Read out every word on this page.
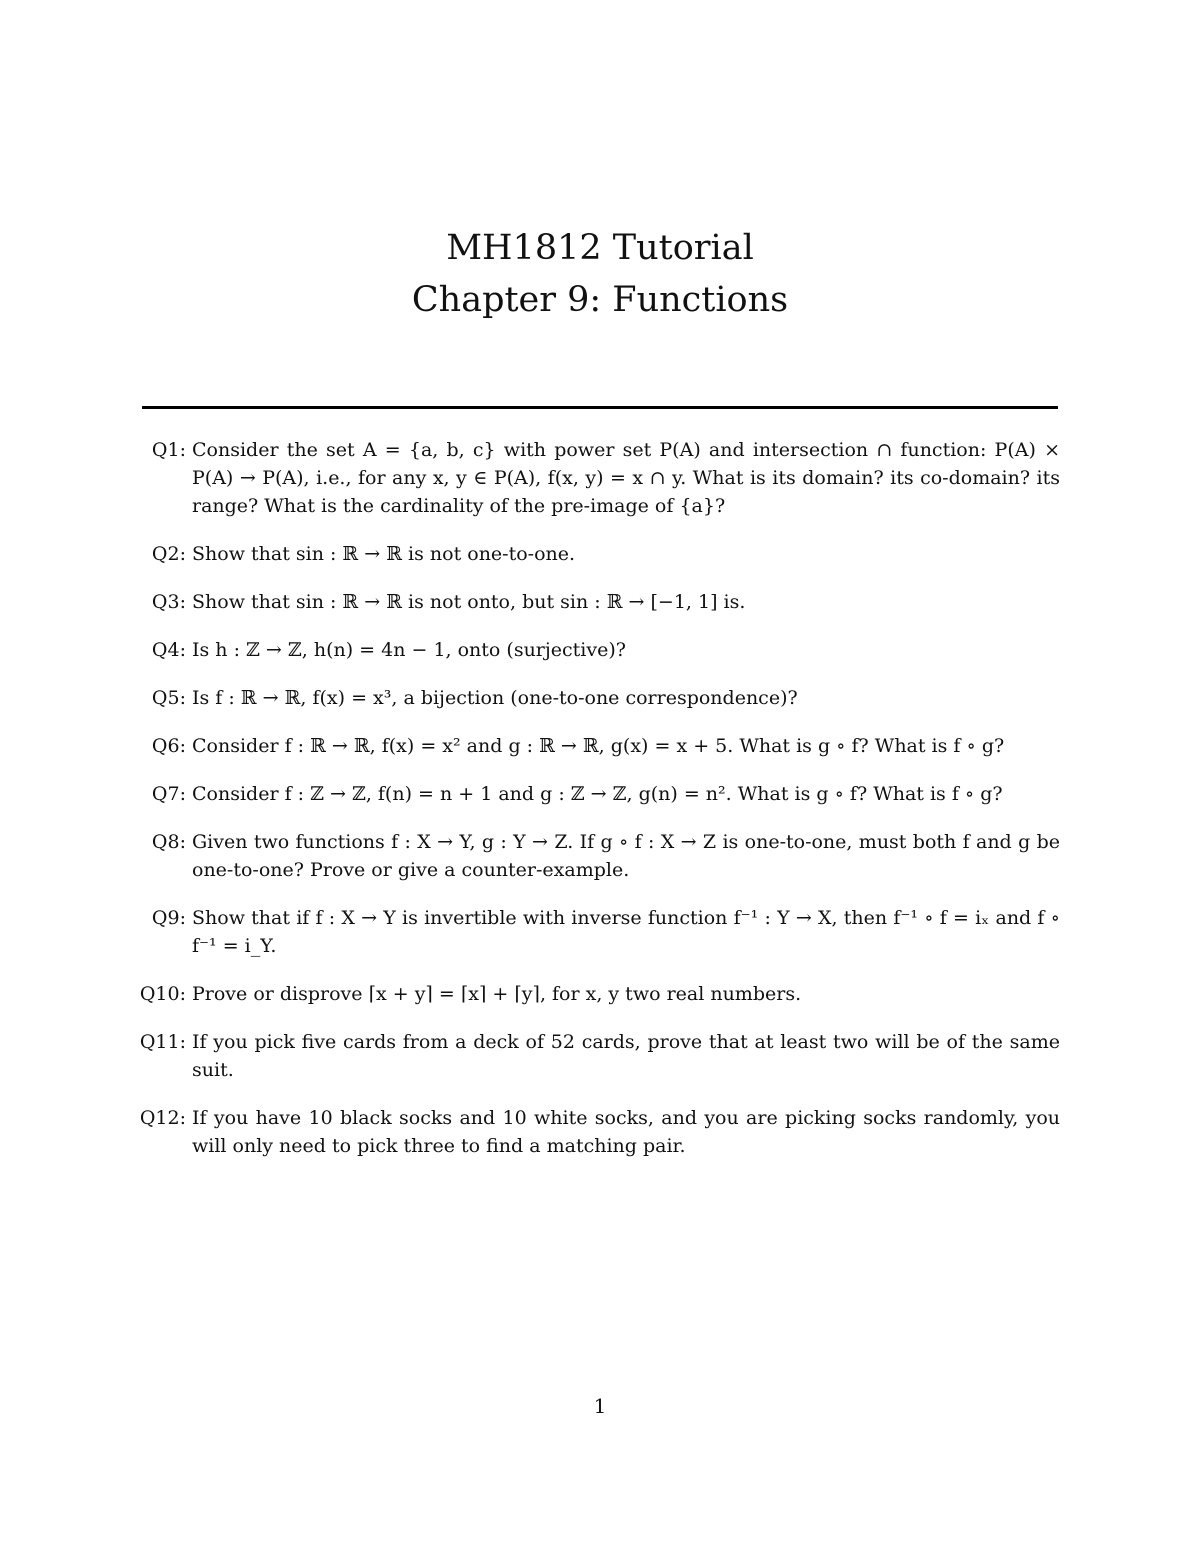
MH1812 Tutorial
Chapter 9: Functions
Q1: Consider the set A = {a, b, c} with power set P(A) and intersection ∩ function: P(A) × P(A) → P(A), i.e., for any x, y ∈ P(A), f(x, y) = x ∩ y. What is its domain? its co-domain? its range? What is the cardinality of the pre-image of {a}?
Q2: Show that sin : ℝ → ℝ is not one-to-one.
Q3: Show that sin : ℝ → ℝ is not onto, but sin : ℝ → [−1, 1] is.
Q4: Is h : ℤ → ℤ, h(n) = 4n − 1, onto (surjective)?
Q5: Is f : ℝ → ℝ, f(x) = x³, a bijection (one-to-one correspondence)?
Q6: Consider f : ℝ → ℝ, f(x) = x² and g : ℝ → ℝ, g(x) = x + 5. What is g ∘ f? What is f ∘ g?
Q7: Consider f : ℤ → ℤ, f(n) = n + 1 and g : ℤ → ℤ, g(n) = n². What is g ∘ f? What is f ∘ g?
Q8: Given two functions f : X → Y, g : Y → Z. If g ∘ f : X → Z is one-to-one, must both f and g be one-to-one? Prove or give a counter-example.
Q9: Show that if f : X → Y is invertible with inverse function f⁻¹ : Y → X, then f⁻¹ ∘ f = iₓ and f ∘ f⁻¹ = i_Y.
Q10: Prove or disprove ⌈x + y⌉ = ⌈x⌉ + ⌈y⌉, for x, y two real numbers.
Q11: If you pick five cards from a deck of 52 cards, prove that at least two will be of the same suit.
Q12: If you have 10 black socks and 10 white socks, and you are picking socks randomly, you will only need to pick three to find a matching pair.
1
